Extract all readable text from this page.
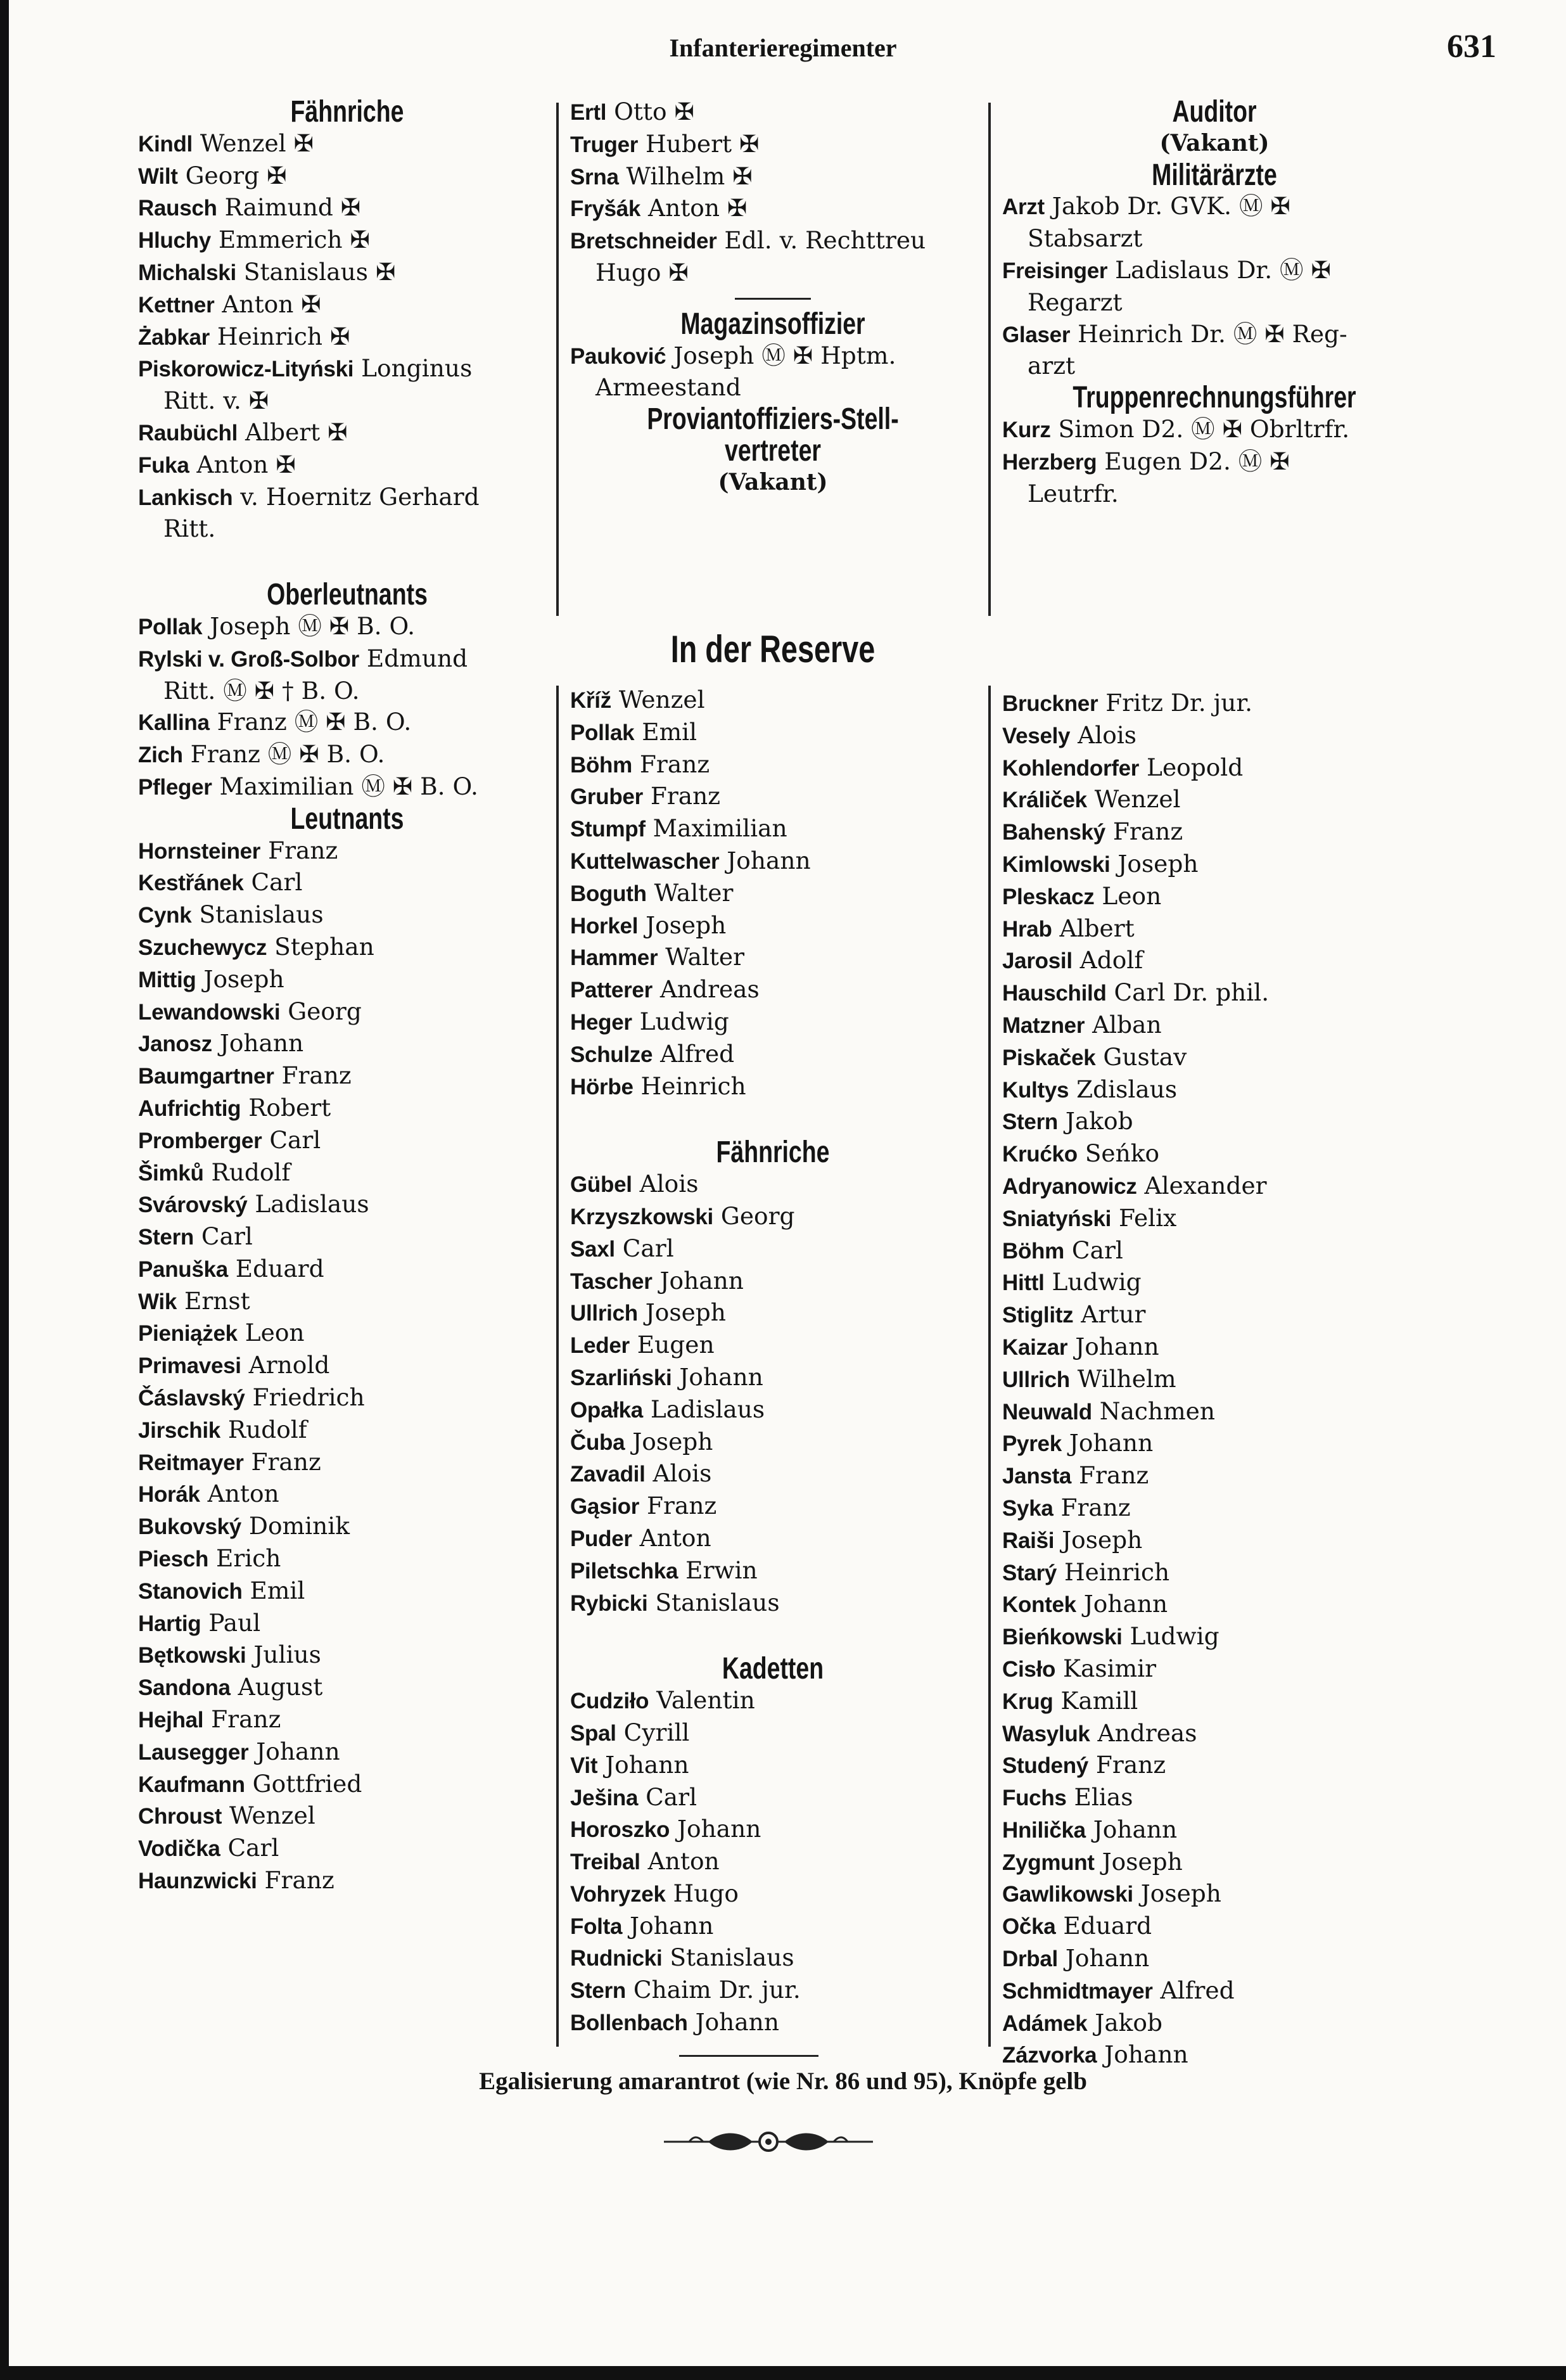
Infanterieregimenter	631
Fähnriche
Kindl Wenzel ✠
Wilt Georg ✠
Rausch Raimund ✠
Hluchy Emmerich ✠
Michalski Stanislaus ✠
Kettner Anton ✠
Żabkar Heinrich ✠
Piskorowicz-Lityński Longinus
Ritt. v. ✠
Raubüchl Albert ✠
Fuka Anton ✠
Lankisch v. Hoernitz Gerhard
Ritt.
Oberleutnants
Pollak Joseph Ⓜ ✠ B. O.
Rylski v. Groß-Solbor Edmund
Ritt. Ⓜ ✠ † B. O.
Kallina Franz Ⓜ ✠ B. O.
Zich Franz Ⓜ ✠ B. O.
Pfleger Maximilian Ⓜ ✠ B. O.
Leutnants
Hornsteiner Franz
Kestřánek Carl
Cynk Stanislaus
Szuchewycz Stephan
Mittig Joseph
Lewandowski Georg
Janosz Johann
Baumgartner Franz
Aufrichtig Robert
Promberger Carl
Šimků Rudolf
Svárovský Ladislaus
Stern Carl
Panuška Eduard
Wik Ernst
Pieniążek Leon
Primavesi Arnold
Čáslavský Friedrich
Jirschik Rudolf
Reitmayer Franz
Horák Anton
Bukovský Dominik
Piesch Erich
Stanovich Emil
Hartig Paul
Bętkowski Julius
Sandona August
Hejhal Franz
Lausegger Johann
Kaufmann Gottfried
Chroust Wenzel
Vodička Carl
Haunzwicki Franz
Ertl Otto ✠
Truger Hubert ✠
Srna Wilhelm ✠
Fryšák Anton ✠
Bretschneider Edl. v. Rechttreu
Hugo ✠
Magazinsoffizier
Pauković Joseph Ⓜ ✠ Hptm.
Armeestand
Proviantoffiziers-Stell-
vertreter
(Vakant)
Auditor
(Vakant)
Militärärzte
Arzt Jakob Dr. GVK. Ⓜ ✠
Stabsarzt
Freisinger Ladislaus Dr. Ⓜ ✠
Regarzt
Glaser Heinrich Dr. Ⓜ ✠ Reg-
arzt
Truppenrechnungsführer
Kurz Simon D2. Ⓜ ✠ Obrltrfr.
Herzberg Eugen D2. Ⓜ ✠
Leutrfr.
In der Reserve
Kříž Wenzel
Pollak Emil
Böhm Franz
Gruber Franz
Stumpf Maximilian
Kuttelwascher Johann
Boguth Walter
Horkel Joseph
Hammer Walter
Patterer Andreas
Heger Ludwig
Schulze Alfred
Hörbe Heinrich
Fähnriche
Gübel Alois
Krzyszkowski Georg
Saxl Carl
Tascher Johann
Ullrich Joseph
Leder Eugen
Szarliński Johann
Opałka Ladislaus
Čuba Joseph
Zavadil Alois
Gąsior Franz
Puder Anton
Piletschka Erwin
Rybicki Stanislaus
Kadetten
Cudziło Valentin
Spal Cyrill
Vit Johann
Ješina Carl
Horoszko Johann
Treibal Anton
Vohryzek Hugo
Folta Johann
Rudnicki Stanislaus
Stern Chaim Dr. jur.
Bollenbach Johann
Bruckner Fritz Dr. jur.
Vesely Alois
Kohlendorfer Leopold
Králiček Wenzel
Bahenský Franz
Kimlowski Joseph
Pleskacz Leon
Hrab Albert
Jarosil Adolf
Hauschild Carl Dr. phil.
Matzner Alban
Piskaček Gustav
Kultys Zdislaus
Stern Jakob
Krućko Seńko
Adryanowicz Alexander
Sniatyński Felix
Böhm Carl
Hittl Ludwig
Stiglitz Artur
Kaizar Johann
Ullrich Wilhelm
Neuwald Nachmen
Pyrek Johann
Jansta Franz
Syka Franz
Raiši Joseph
Starý Heinrich
Kontek Johann
Bieńkowski Ludwig
Cisło Kasimir
Krug Kamill
Wasyluk Andreas
Studený Franz
Fuchs Elias
Hnilička Johann
Zygmunt Joseph
Gawlikowski Joseph
Očka Eduard
Drbal Johann
Schmidtmayer Alfred
Adámek Jakob
Zázvorka Johann
Egalisierung amarantrot (wie Nr. 86 und 95), Knöpfe gelb
